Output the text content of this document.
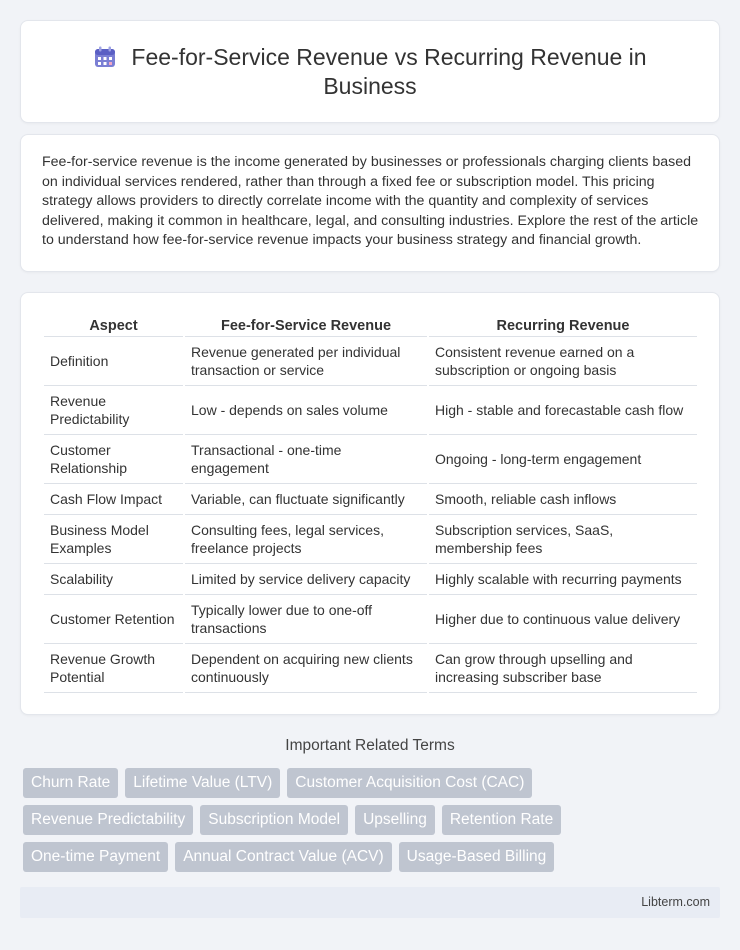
Fee-for-Service Revenue vs Recurring Revenue in Business

Fee-for-service revenue is the income generated by businesses or professionals charging clients based on individual services rendered, rather than through a fixed fee or subscription model. This pricing strategy allows providers to directly correlate income with the quantity and complexity of services delivered, making it common in healthcare, legal, and consulting industries. Explore the rest of the article to understand how fee-for-service revenue impacts your business strategy and financial growth.

Aspect	Fee-for-Service Revenue	Recurring Revenue
Definition	Revenue generated per individual transaction or service	Consistent revenue earned on a subscription or ongoing basis
Revenue Predictability	Low - depends on sales volume	High - stable and forecastable cash flow
Customer Relationship	Transactional - one-time engagement	Ongoing - long-term engagement
Cash Flow Impact	Variable, can fluctuate significantly	Smooth, reliable cash inflows
Business Model Examples	Consulting fees, legal services, freelance projects	Subscription services, SaaS, membership fees
Scalability	Limited by service delivery capacity	Highly scalable with recurring payments
Customer Retention	Typically lower due to one-off transactions	Higher due to continuous value delivery
Revenue Growth Potential	Dependent on acquiring new clients continuously	Can grow through upselling and increasing subscriber base
Important Related Terms
Churn Rate	Lifetime Value (LTV)	Customer Acquisition Cost (CAC)
Revenue Predictability	Subscription Model	Upselling	Retention Rate
One-time Payment	Annual Contract Value (ACV)	Usage-Based Billing
Libterm.com
